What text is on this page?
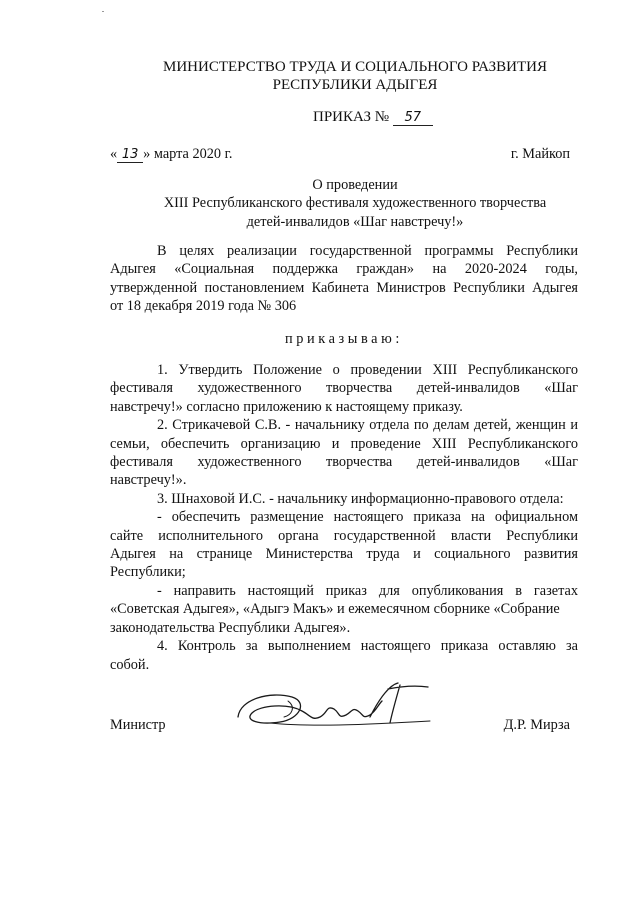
МИНИСТЕРСТВО ТРУДА И СОЦИАЛЬНОГО РАЗВИТИЯ
РЕСПУБЛИКИ АДЫГЕЯ
ПРИКАЗ № 57
« 13 » марта 2020 г.	г. Майкоп
О проведении
XIII Республиканского фестиваля художественного творчества
детей-инвалидов «Шаг навстречу!»
В целях реализации государственной программы Республики
Адыгея «Социальная поддержка граждан» на 2020-2024 годы,
утвержденной постановлением Кабинета Министров Республики Адыгея
от 18 декабря 2019 года № 306
приказываю:
1. Утвердить Положение о проведении XIII Республиканского
фестиваля художественного творчества детей-инвалидов «Шаг
навстречу!» согласно приложению к настоящему приказу.
2. Стрикачевой С.В. - начальнику отдела по делам детей, женщин и
семьи, обеспечить организацию и проведение XIII Республиканского
фестиваля художественного творчества детей-инвалидов «Шаг
навстречу!».
3. Шнаховой И.С. - начальнику информационно-правового отдела:
- обеспечить размещение настоящего приказа на официальном
сайте исполнительного органа государственной власти Республики
Адыгея на странице Министерства труда и социального развития
Республики;
- направить настоящий приказ для опубликования в газетах
«Советская Адыгея», «Адыгэ Макъ» и ежемесячном сборнике «Собрание
законодательства Республики Адыгея».
4. Контроль за выполнением настоящего приказа оставляю за
собой.
Министр	Д.Р. Мирза
